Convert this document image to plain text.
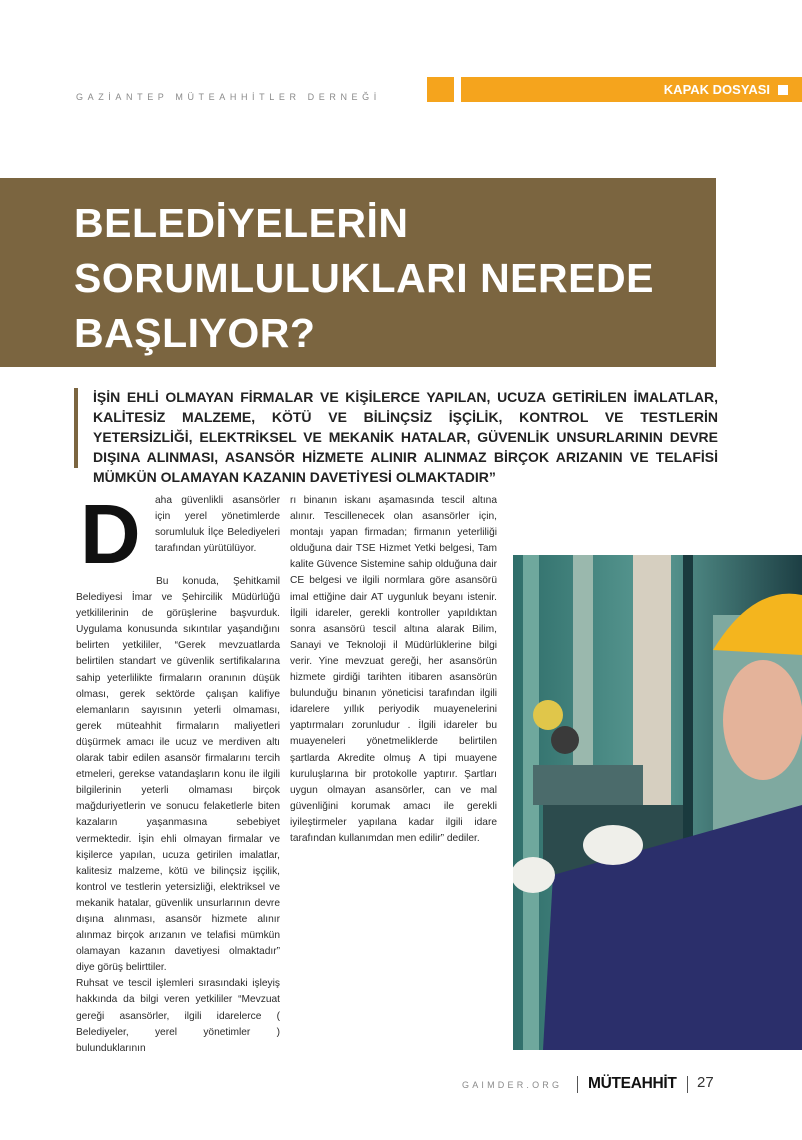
GAZİANTEP MÜTEAHHİTLER DERNEĞİ	KAPAK DOSYASI
BELEDİYELERİN
SORUMLULUKLARI NEREDE
BAŞLIYOR?
İŞİN EHLİ OLMAYAN FİRMALAR VE KİŞİLERCE YAPILAN, UCUZA GETİRİLEN İMALATLAR, KALİTESİZ MALZEME, KÖTÜ VE BİLİNÇSİZ İŞÇİLİK, KONTROL VE TESTLERİN YETERSİZLİĞİ, ELEKTRİKSEL VE MEKANİK HATALAR, GÜVENLİK UNSURLARININ DEVRE DIŞINA ALINMASI, ASANSÖR HİZMETE ALINIR ALINMAZ BİRÇOK ARIZANIN VE TELAFİSİ MÜMKÜN OLAMAYAN KAZANIN DAVETİYESİ OLMAKTADIR”
D aha güvenlikli asansörler için yerel yönetimlerde sorumluluk İlçe Belediyeleri tarafından yürütülüyor.

Bu konuda, Şehitkamil Belediyesi İmar ve Şehircilik Müdürlüğü yetkililerinin de görüşlerine başvurduk. Uygulama konusunda sıkıntılar yaşandığını belirten yetkililer, “Gerek mevzuatlarda belirtilen standart ve güvenlik sertifikalarına sahip yeterlilikte firmaların oranının düşük olması, gerek sektörde çalışan kalifiye elemanların sayısının yeterli olmaması, gerek müteahhit firmaların maliyetleri düşürmek amacı ile ucuz ve merdiven altı olarak tabir edilen asansör firmalarını tercih etmeleri, gerekse vatandaşların konu ile ilgili bilgilerinin yeterli olmaması birçok mağduriyetlerin ve sonucu felaketlerle biten kazaların yaşanmasına sebebiyet vermektedir. İşin ehli olmayan firmalar ve kişilerce yapılan, ucuza getirilen imalatlar, kalitesiz malzeme, kötü ve bilinçsiz işçilik, kontrol ve testlerin yetersizliği, elektriksel ve mekanik hatalar, güvenlik unsurlarının devre dışına alınması, asansör hizmete alınır alınmaz birçok arızanın ve telafisi mümkün olamayan kazanın davetiyesi olmaktadır” diye görüş belirttiler.

Ruhsat ve tescil işlemleri sırasındaki işleyiş hakkında da bilgi veren yetkililer “Mevzuat gereği asansörler, ilgili idarelerce ( Belediyeler, yerel yönetimler ) bulunduklarının

rı binanın iskanı aşamasında tescil altına alınır. Tescillenecek olan asansörler için, montajı yapan firmadan; firmanın yeterliliği olduğuna dair TSE Hizmet Yetki belgesi, Tam kalite Güvence Sistemine sahip olduğuna dair CE belgesi ve ilgili normlara göre asansörü imal ettiğine dair AT uygunluk beyanı istenir. İlgili idareler, gerekli kontroller yapıldıktan sonra asansörü tescil altına alarak Bilim, Sanayi ve Teknoloji il Müdürlüklerine bilgi verir. Yine mevzuat gereği, her asansörün hizmete girdiği tarihten itibaren asansörün bulunduğu binanın yöneticisi tarafından ilgili idarelere yıllık periyodik muayenelerini yaptırmaları zorunludur . İlgili idareler bu muayeneleri yönetmeliklerde belirtilen şartlarda Akredite olmuş A tipi muayene kuruluşlarına bir protokolle yaptırır. Şartları uygun olmayan asansörler, can ve mal güvenliğini korumak amacı ile gerekli iyileştirmeler yapılana kadar ilgili idare tarafından kullanımdan men edilir” dediler.

GAIMDER.ORG MÜTEAHHİT 27
